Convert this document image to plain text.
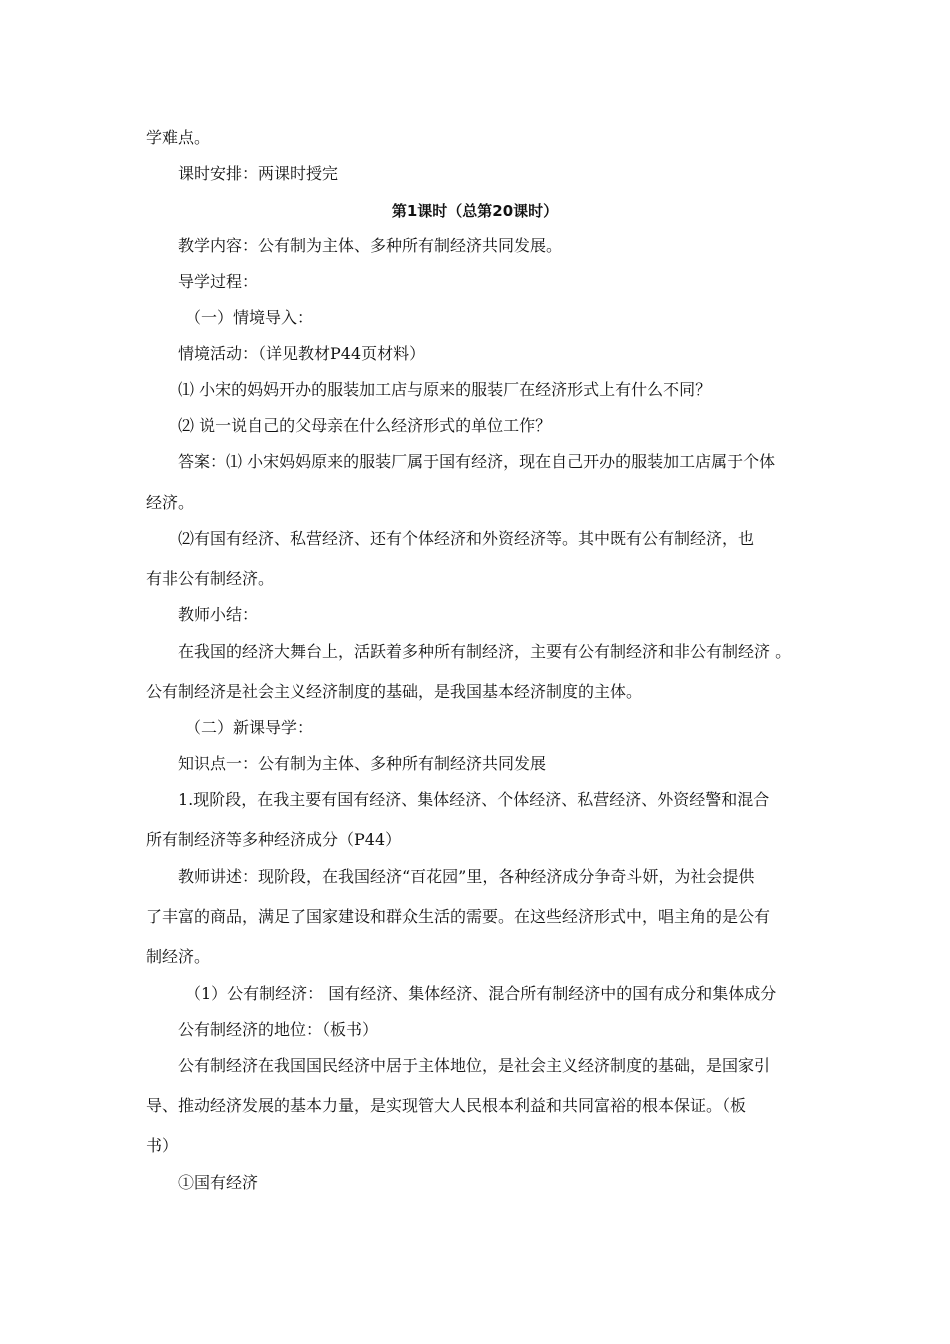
学难点。
课时安排：两课时授完
第1课时（总第20课时）
教学内容：公有制为主体、多种所有制经济共同发展。
导学过程：
（一）情境导入：
情境活动：（详见教材P44页材料）
⑴ 小宋的妈妈开办的服装加工店与原来的服装厂在经济形式上有什么不同？
⑵ 说一说自己的父母亲在什么经济形式的单位工作？
答案：⑴ 小宋妈妈原来的服装厂属于国有经济，现在自己开办的服装加工店属于个体
经济。
⑵有国有经济、私营经济、还有个体经济和外资经济等。其中既有公有制经济，也
有非公有制经济。
教师小结：
在我国的经济大舞台上，活跃着多种所有制经济，主要有公有制经济和非公有制经济 。
公有制经济是社会主义经济制度的基础，是我国基本经济制度的主体。
（二）新课导学：
知识点一：公有制为主体、多种所有制经济共同发展
1.现阶段，在我主要有国有经济、集体经济、个体经济、私营经济、外资经警和混合
所有制经济等多种经济成分（P44）
教师讲述：现阶段，在我国经济“百花园”里，各种经济成分争奇斗妍，为社会提供
了丰富的商品，满足了国家建设和群众生活的需要。在这些经济形式中，唱主角的是公有
制经济。
（1）公有制经济： 国有经济、集体经济、混合所有制经济中的国有成分和集体成分
公有制经济的地位：（板书）
公有制经济在我国国民经济中居于主体地位，是社会主义经济制度的基础，是国家引
导、推动经济发展的基本力量，是实现管大人民根本利益和共同富裕的根本保证。（板
书）
①国有经济
